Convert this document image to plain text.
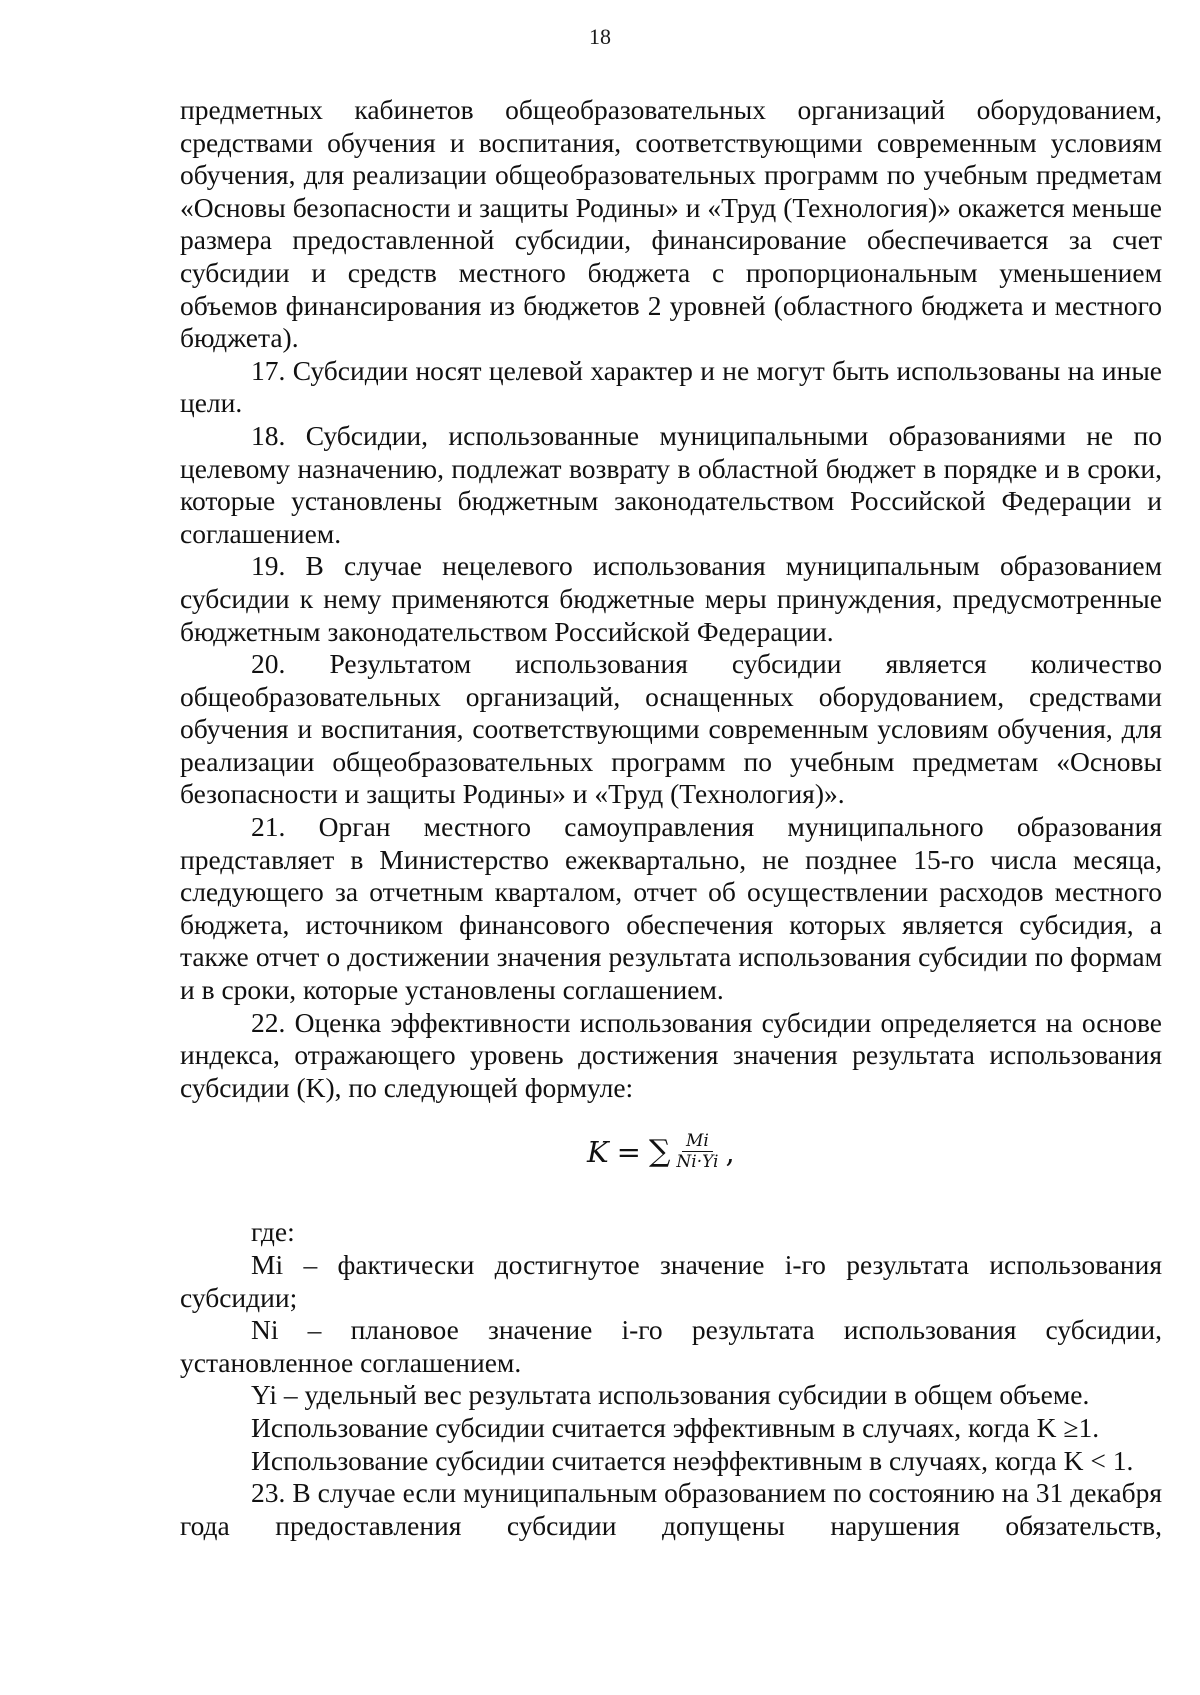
18

предметных кабинетов общеобразовательных организаций оборудованием, средствами обучения и воспитания, соответствующими современным условиям обучения, для реализации общеобразовательных программ по учебным предметам «Основы безопасности и защиты Родины» и «Труд (Технология)» окажется меньше размера предоставленной субсидии, финансирование обеспечивается за счет субсидии и средств местного бюджета с пропорциональным уменьшением объемов финансирования из бюджетов 2 уровней (областного бюджета и местного бюджета).

17. Субсидии носят целевой характер и не могут быть использованы на иные цели.

18. Субсидии, использованные муниципальными образованиями не по целевому назначению, подлежат возврату в областной бюджет в порядке и в сроки, которые установлены бюджетным законодательством Российской Федерации и соглашением.

19. В случае нецелевого использования муниципальным образованием субсидии к нему применяются бюджетные меры принуждения, предусмотренные бюджетным законодательством Российской Федерации.

20. Результатом использования субсидии является количество общеобразовательных организаций, оснащенных оборудованием, средствами обучения и воспитания, соответствующими современным условиям обучения, для реализации общеобразовательных программ по учебным предметам «Основы безопасности и защиты Родины» и «Труд (Технология)».

21. Орган местного самоуправления муниципального образования представляет в Министерство ежеквартально, не позднее 15-го числа месяца, следующего за отчетным кварталом, отчет об осуществлении расходов местного бюджета, источником финансового обеспечения которых является субсидия, а также отчет о достижении значения результата использования субсидии по формам и в сроки, которые установлены соглашением.

22. Оценка эффективности использования субсидии определяется на основе индекса, отражающего уровень достижения значения результата использования субсидии (K), по следующей формуле:

K = ∑ $\frac{Mi}{Ni\cdot Yi}$ ,

где:

Mi – фактически достигнутое значение i-го результата использования субсидии;

Ni – плановое значение i-го результата использования субсидии, установленное соглашением.

Yi – удельный вес результата использования субсидии в общем объеме.

Использование субсидии считается эффективным в случаях, когда K ≥1.

Использование субсидии считается неэффективным в случаях, когда K < 1.

23. В случае если муниципальным образованием по состоянию на 31 декабря года предоставления субсидии допущены нарушения обязательств,
